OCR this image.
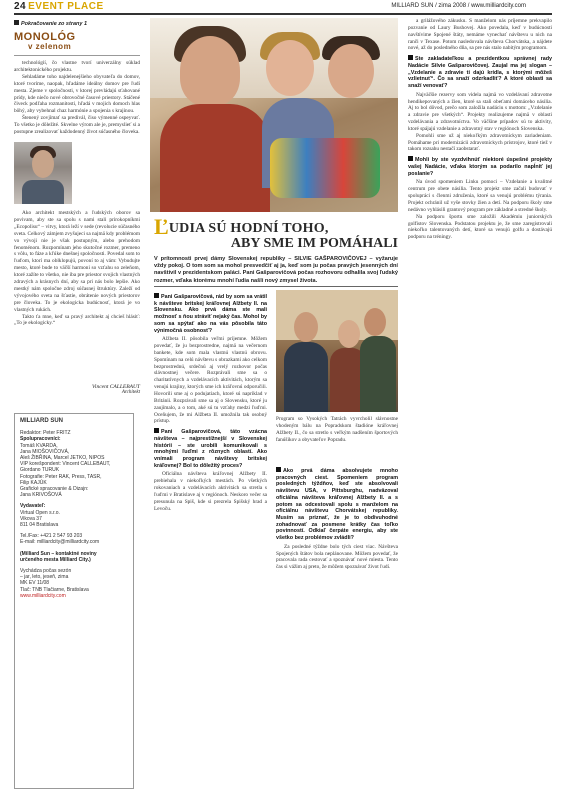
24 EVENT PLACE	MILLIARD SUN / zima 2008 / www.milliardcity.com
Pokračovanie zo strany 1
MONOLÓG
v zelenom

technológií, čo vlastne tvorí univerzálny súklad architektonického projektu.

Sehladáme toho najdelenejšieho obyvateľa do domov, ktoré tvoríme, naopak, hľadáme ideálny domov pre ľudí mesta. Zjeme v spoločnosti, v ktorej prevládajú sťahované prídy, kde niečo nové obrovočné časové priestory. Stáčené čiveck podľaha rozmanitosti, hľadá v mojich domoch hlas bôhý, aby vybehnal chaz harmónie a spojenia s krajinou.

Štenený zovjímať sa predivál, čiso výmenné ospeyvať. To všetko je dôležité. Skvelne výrom ale je, premyslieť si a postupne zrealizovať každodenný život súčasného človeka.

Ako architekt mestských a ľudských oborov sa povivam, aby ste sa spolu s nami stali prirokopníkmi „Ecopolisu“ – vitvy, ktorá leží v sede (revolucie súčasného sveta. Celkový zámjem zvyšujeci sa najmä kdy problémom vo vývoji nie je však postupným, alebo prehodom fenoménom. Rozpomínam jeho skutočné rozmer, premeno s vôlu, to fáze a kľúke dnešnej spoločnosti. Povedal som to ľuďom, ktorí ma oblklopujú, povoní to aj vám: Vybudujte mesto, ktoré bude to väčší harmoni so vzťahu so zeleňom, ktoré zažíte to všetko, nie iba pre priestor svojich vlastných zdravých a krásnych dní, aby sa pri nás bolo lepšie. Ako mestký nám spoločne zdroj súčasnej štruktúry. Zaleží od vývojového sveta na šťastie, obrátenie nových priestorov pre človeka. To je ekologicka budúcnosť, ktorá je vo vlastných rukách.

Takto ťa mne, keď sa pravý architekt aj chcieš hlásiť: „To je ekologicky.“

Vincent CALLEBAUT
Architekt
MILLIARD SUN
Redaktor: Peter FRITZ
Spolupracovníci:
Tomáš KVARDA,
Jana MIOŠOVIČOVÁ,
Aleš ŽIBŘINA, Marcel JETKO, NIPOS
VIP korešpondent: Vincent CALLEBAUT,
Giordano TURUK
Fotografie: Peter RAK, Press, TASR,
Filip KAJÚK
Grafické spracovanie & Dizajn:
Jana KRIVOŠOVÁ
Vydavateľ:
Virtual Open s.r.o.
Vikova 37
811 04 Bratislava
Tel./Fax: +421 2 547 93 203
E-mail: milliardcity@milliardcity.com
(Milliard Sun – kontaktné noviny
určeného mesta Milliard City.)
Vychádza počas sezón
– jar, leto, jeseň, zima
MK EV 11/08
Tlač: TNB Tlačiarne, Bratislava
www.milliardcity.com
ĽUDIA SÚ HODNÍ TOHO,
ABY SME IM POMÁHALI
V prítomnosti prvej dámy Slovenskej republiky – SILVIE GAŠPAROVIČOVEJ – vyžaruje vždy pokoj. O tom som sa mohol presvedčiť aj ja, keď som ju počas pravých jesenných dní navštívil v prezidentskom paláci. Pani Gašparovičová počas rozhovoru odhalila svoj ľudský rozmer, vďaka ktorému mnohí ľudia našli nový zmysel života.
Pani Gašparovičová, rád by som sa vrátil k návšteve britskej kráľovnej Alžbety II. na Slovensku. Ako prvá dáma ste mali možnosť s ňou stráviť nejaký čas. Mohol by som sa spýtať ako na vás pôsobila táto výnimočná osobnosť?

Alžbeta II. pôsobila veľmi príjemne. Môžem povedať, že ju bezprostredne, najmä na večernom bankete, kde som mala vlastnú vlastnú obrovu. Spomínam na celú návštevu s obrazkami ako celkom bezprostrednú, srdečnú aj vrelý rozhovor počas slávnostnej večere. Rozprávali sme sa o charitatívnych a vzdelávacích aktivitách, ktorým sa venujú krajiny, ktorých sme ich kráľovnú odporučili. Hovorili sme aj o podujatiach, ktoré sú napríklad v Británii. Rozprávali sme sa aj o Slovensku, ktoré ju zaujímalo, a o tom, aké sú tu vzťahy medzi ľuďmi. Oceňujem, že mi Alžbeta II. umožnila tak osobný prístup.

Pani Gašparovičová, táto vzácna návšteva – najprestížnejší v Slovenskej histórii – ste urobili komunikovali s mnohými ľuďmi z rôznych oblastí. Ako vnímali program návštevy britskej kráľovnej? Bol to dôležitý proces?

Oficiálna návšteva kráľovnej Alžbety II. prebiehala v niekoľkých mestách. Po všetkých rokovaniach a vzdelávacích aktivitách sa stretla s ľuďmi v Bratislave aj v regiónoch. Neskoro večer sa presunula na Spiš, kde si prezrela Spišský hrad a Levoču.

Program so Vysokých Tatrách vyvrcholil slávnostne vhodeným bálu na Popradskom štadióne kráľovnej Alžbety II., čo sa stretlo s veľkým nadšením športových fanúšikov a obyvateľov Popradu.
Ako prvá dáma absolvujete mnoho pracovných ciest. Spomeniem program posledných týždňov, keď ste absolvovali návštevu USA, v Pittsburghu, nadväzoval oficiálna návšteva kráľovnej Alžbety II. a s potom sa odcestovali spolu s manželom na oficiálnu návštevu Chorvátskej republiky. Musím sa priznať, že je to obdivuhodné zohadnovať za posmene krátky čas toľko povinností. Odkiaľ čerpáte energiu, aby ste všetko bez problémov zvládli?

Za posledné týždne bolo tých ciest viac. Návšteva Spojených štátov bola neplánovane. Môžem povedať, že pracovala rada cestovať a spoznávať nové miesta. Tento čas si vážim aj preto, že môžem spoznávať život ľudí.

a grilážového zákusku. S manželom nás príjemne prekvapilo pozvanie od Laury Bushovej. Ako povedala, keď v budúcnosti navštívime Spojené štáty, nemáme vynechať návštevu u nich na ranči v Texase. Potom nasledovala návšteva Chorvátska, a nájdete nové, až do posledného dňa, sa pre nás stalo nabitým programom.

Ste zakladateľkou a prezidentkou správnej rady Nadácie Silvie Gašparovičovej. Zaujal ma jej slogan – „Vzdelanie a zdravie ti dajú krídla, s ktorými môžeš vzlietnuť“. Čo sa snaží odzrkadliť? A ktoré oblasti sa snaží venovať?

Najväčšie rezervy som videla najmä vo vzdelávaní zdravotne hendikepovaných a žien, ktoré sa stali obeťami domáceho násilia. Aj to bol dôvod, prečo som založila nadáciu s mottom: „Vzdelanie a zdravie pre všetkých“. Projekty realizujeme najmä v oblasti vzdelávania a zdravotníctva. Vo väčšine prípadov sú to aktivity, ktoré spájajú vzdelanie a zdravotný stav v regiónoch Slovenska.

Pomohli sme už aj niekoľkým zdravotníckym zariadeniam. Pomáhame pri modernizácii zdravotníckych prístrojov, ktoré tiež v takom rozsahu nestačí zaobstarať.

Mohli by ste vyzdvihnúť niektoré úspešné projekty vašej Nadácie, vďaka ktorým sa podarilo napĺniť jej poslanie?

Na úvod spomeniem Linku pomoci – Vzdelanie a kvalitné centrum pre obete násilia. Tento projekt sme začali budovať v spolupráci s členmi združenia, ktoré sa venujú problému týrania. Projekt ochránil už vyše stovky žien a detí. Na podporu školy sme nedávno vyhlásili grantový program pre základné a stredné školy.

Na podporu športu sme založili Akadémiu juniorských golfistov Slovenska. Podstatou projektu je, že sme zaregistrovali niekoľko talentovaných detí, ktoré sa venujú golfu a dostávajú podporu na tréningy.
